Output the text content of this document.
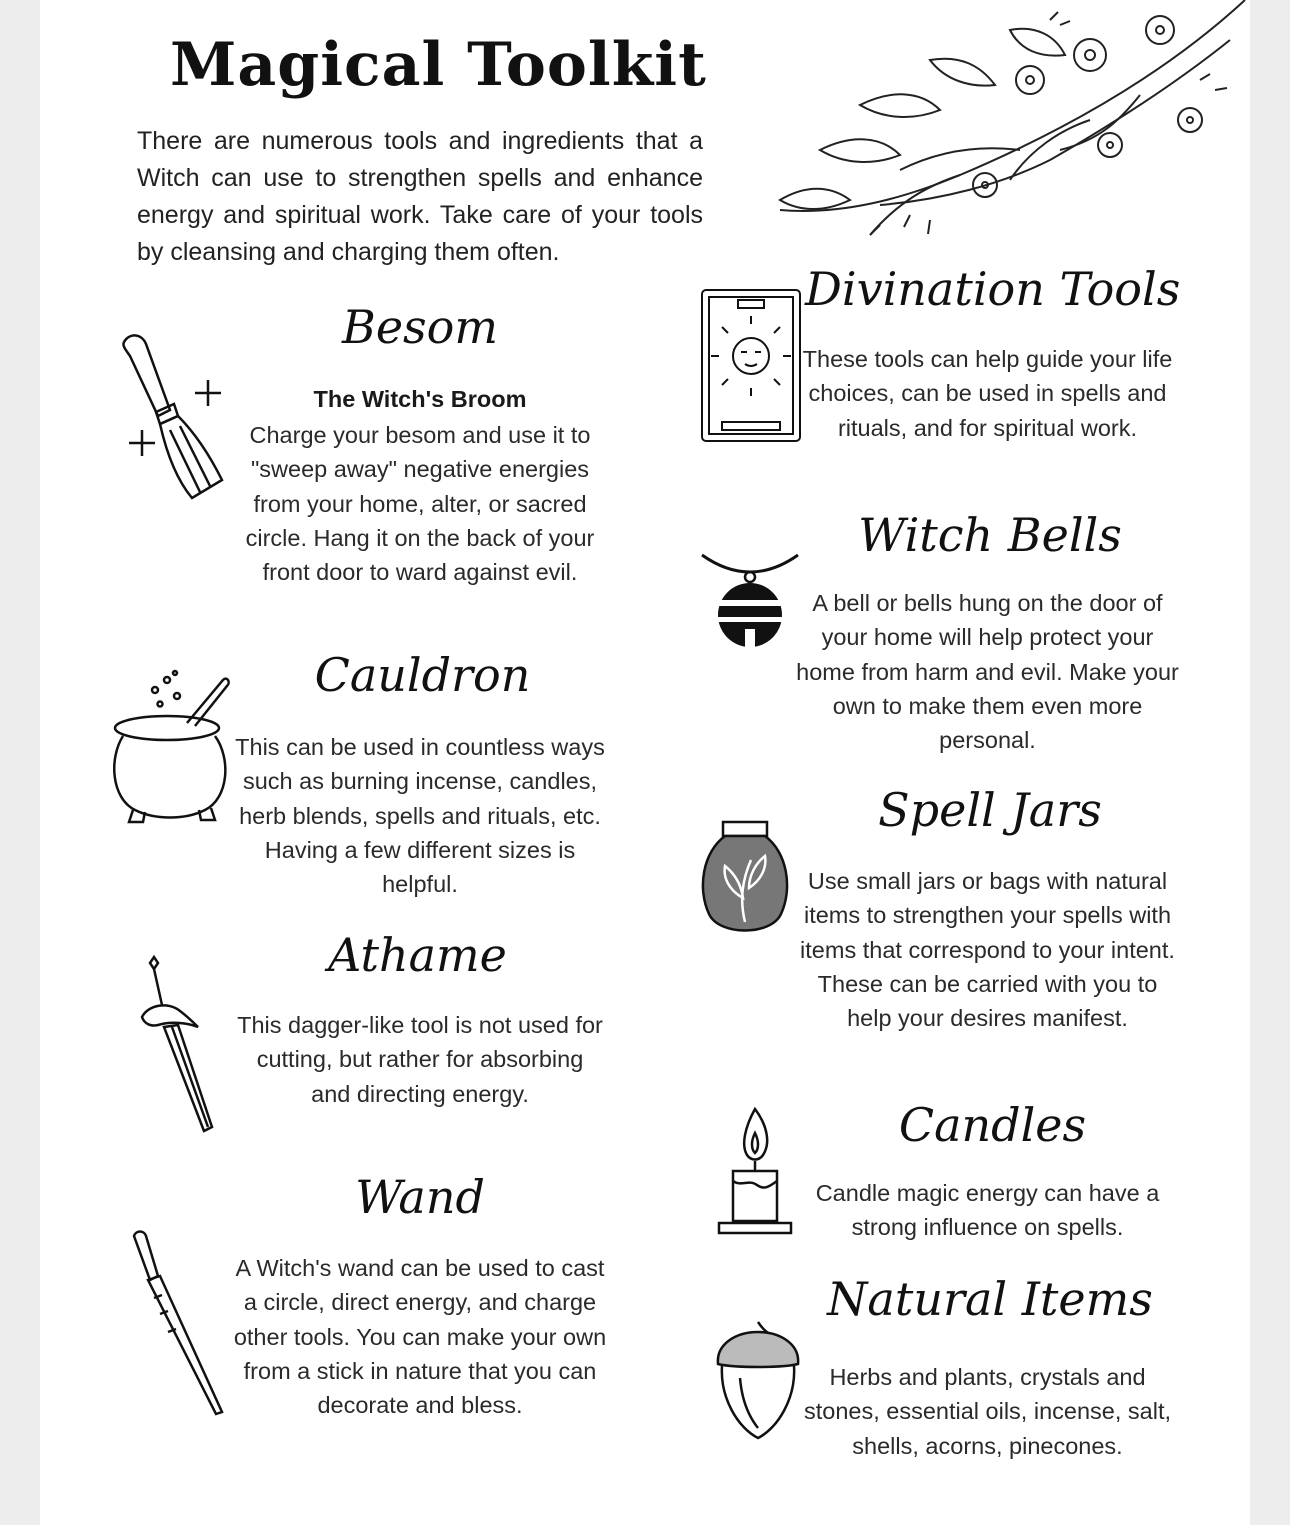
Magical Toolkit
There are numerous tools and ingredients that a Witch can use to strengthen spells and enhance energy and spiritual work. Take care of your tools by cleansing and charging them often.
Besom
The Witch's Broom
Charge your besom and use it to "sweep away" negative energies from your home, alter, or sacred circle. Hang it on the back of your front door to ward against evil.
Cauldron
This can be used in countless ways such as burning incense, candles, herb blends, spells and rituals, etc. Having a few different sizes is helpful.
Athame
This dagger-like tool is not used for cutting, but rather for absorbing and directing energy.
Wand
A Witch's wand can be used to cast a circle, direct energy, and charge other tools. You can make your own from a stick in nature that you can decorate and bless.
Divination Tools
These tools can help guide your life choices, can be used in spells and rituals, and for spiritual work.
Witch Bells
A bell or bells hung on the door of your home will help protect your home from harm and evil. Make your own to make them even more personal.
Spell Jars
Use small jars or bags with natural items to strengthen your spells with items that correspond to your intent. These can be carried with you to help your desires manifest.
Candles
Candle magic energy can have a strong influence on spells.
Natural Items
Herbs and plants, crystals and stones, essential oils, incense, salt, shells, acorns, pinecones.
